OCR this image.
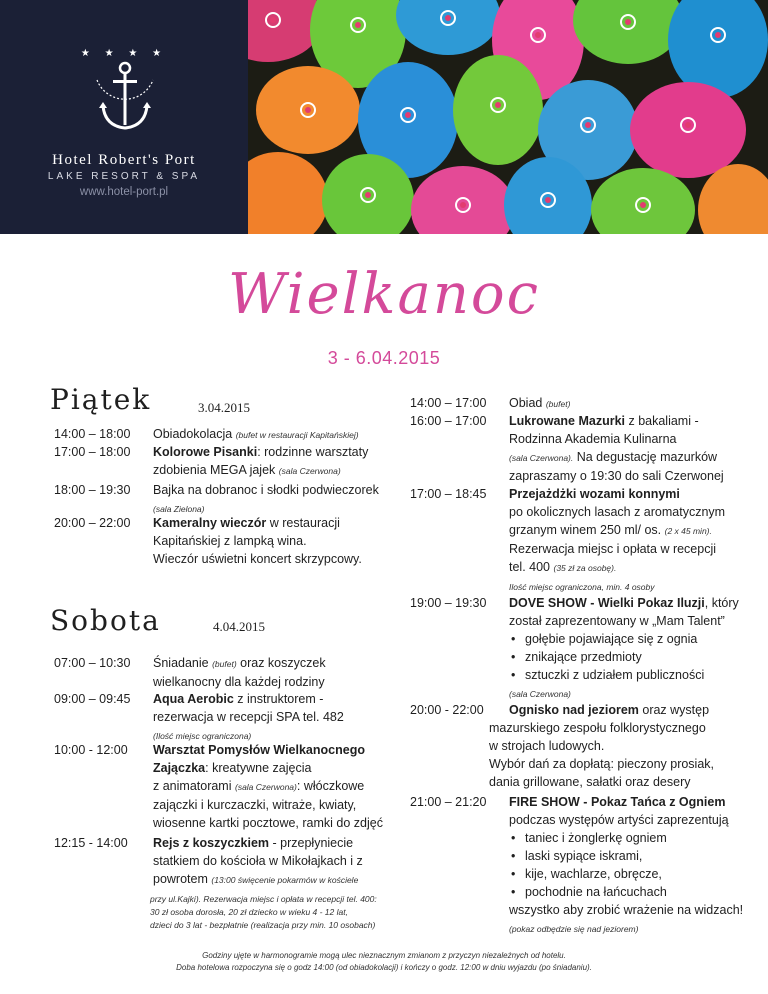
★ ★ ★ ★
Hotel Robert's Port
LAKE RESORT & SPA
www.hotel-port.pl
Wielkanoc
3 - 6.04.2015
Piątek	3.04.2015
14:00 – 18:00 Obiadokolacja (bufet w restauracji Kapitańskiej)
17:00 – 18:00 Kolorowe Pisanki: rodzinne warsztaty
zdobienia MEGA jajek (sala Czerwona)
18:00 – 19:30 Bajka na dobranoc i słodki podwieczorek
(sala Zielona)
20:00 – 22:00 Kameralny wieczór w restauracji
Kapitańskiej z lampką wina.
Wieczór uświetni koncert skrzypcowy.
Sobota	4.04.2015
07:00 – 10:30 Śniadanie (bufet) oraz koszyczek
wielkanocny dla każdej rodziny
09:00 – 09:45 Aqua Aerobic z instruktorem -
rezerwacja w recepcji SPA tel. 482
(Ilość miejsc ograniczona)
10:00 - 12:00 Warsztat Pomysłów Wielkanocnego
Zajączka: kreatywne zajęcia
z animatorami (sala Czerwona): włóczkowe
zajączki i kurczaczki, witraże, kwiaty,
wiosenne kartki pocztowe, ramki do zdjęć
12:15 - 14:00 Rejs z koszyczkiem - przepłyniecie
statkiem do kościoła w Mikołajkach i z
powrotem (13:00 święcenie pokarmów w kościele
przy ul.Kajki). Rezerwacja miejsc i opłata w recepcji tel. 400:
30 zł osoba dorosła, 20 zł dziecko w wieku 4 - 12 lat,
dzieci do 3 lat - bezpłatnie (realizacja przy min. 10 osobach)
14:00 – 17:00 Obiad (bufet)
16:00 – 17:00 Lukrowane Mazurki z bakaliami -
Rodzinna Akademia Kulinarna
(sala Czerwona). Na degustację mazurków
zapraszamy o 19:30 do sali Czerwonej
17:00 – 18:45 Przejażdżki wozami konnymi
po okolicznych lasach z aromatycznym
grzanym winem 250 ml/ os. (2 x 45 min).
Rezerwacja miejsc i opłata w recepcji
tel. 400 (35 zł za osobę).
Ilość miejsc ograniczona, min. 4 osoby
19:00 – 19:30 DOVE SHOW - Wielki Pokaz Iluzji, który
został zaprezentowany w „Mam Talent”
• gołębie pojawiające się z ognia
• znikające przedmioty
• sztuczki z udziałem publiczności
(sala Czerwona)
20:00 - 22:00 Ognisko nad jeziorem oraz występ
mazurskiego zespołu folklorystycznego
w strojach ludowych.
Wybór dań za dopłatą: pieczony prosiak,
dania grillowane, sałatki oraz desery
21:00 – 21:20 FIRE SHOW - Pokaz Tańca z Ogniem
podczas występów artyści zaprezentują
• taniec i żonglerkę ogniem
• laski sypiące iskrami,
• kije, wachlarze, obręcze,
• pochodnie na łańcuchach
wszystko aby zrobić wrażenie na widzach!
(pokaz odbędzie się nad jeziorem)
Godziny ujęte w harmonogramie mogą ulec nieznacznym zmianom z przyczyn niezależnych od hotelu.
Doba hotelowa rozpoczyna się o godz 14:00 (od obiadokolacji) i kończy o godz. 12:00 w dniu wyjazdu (po śniadaniu).
